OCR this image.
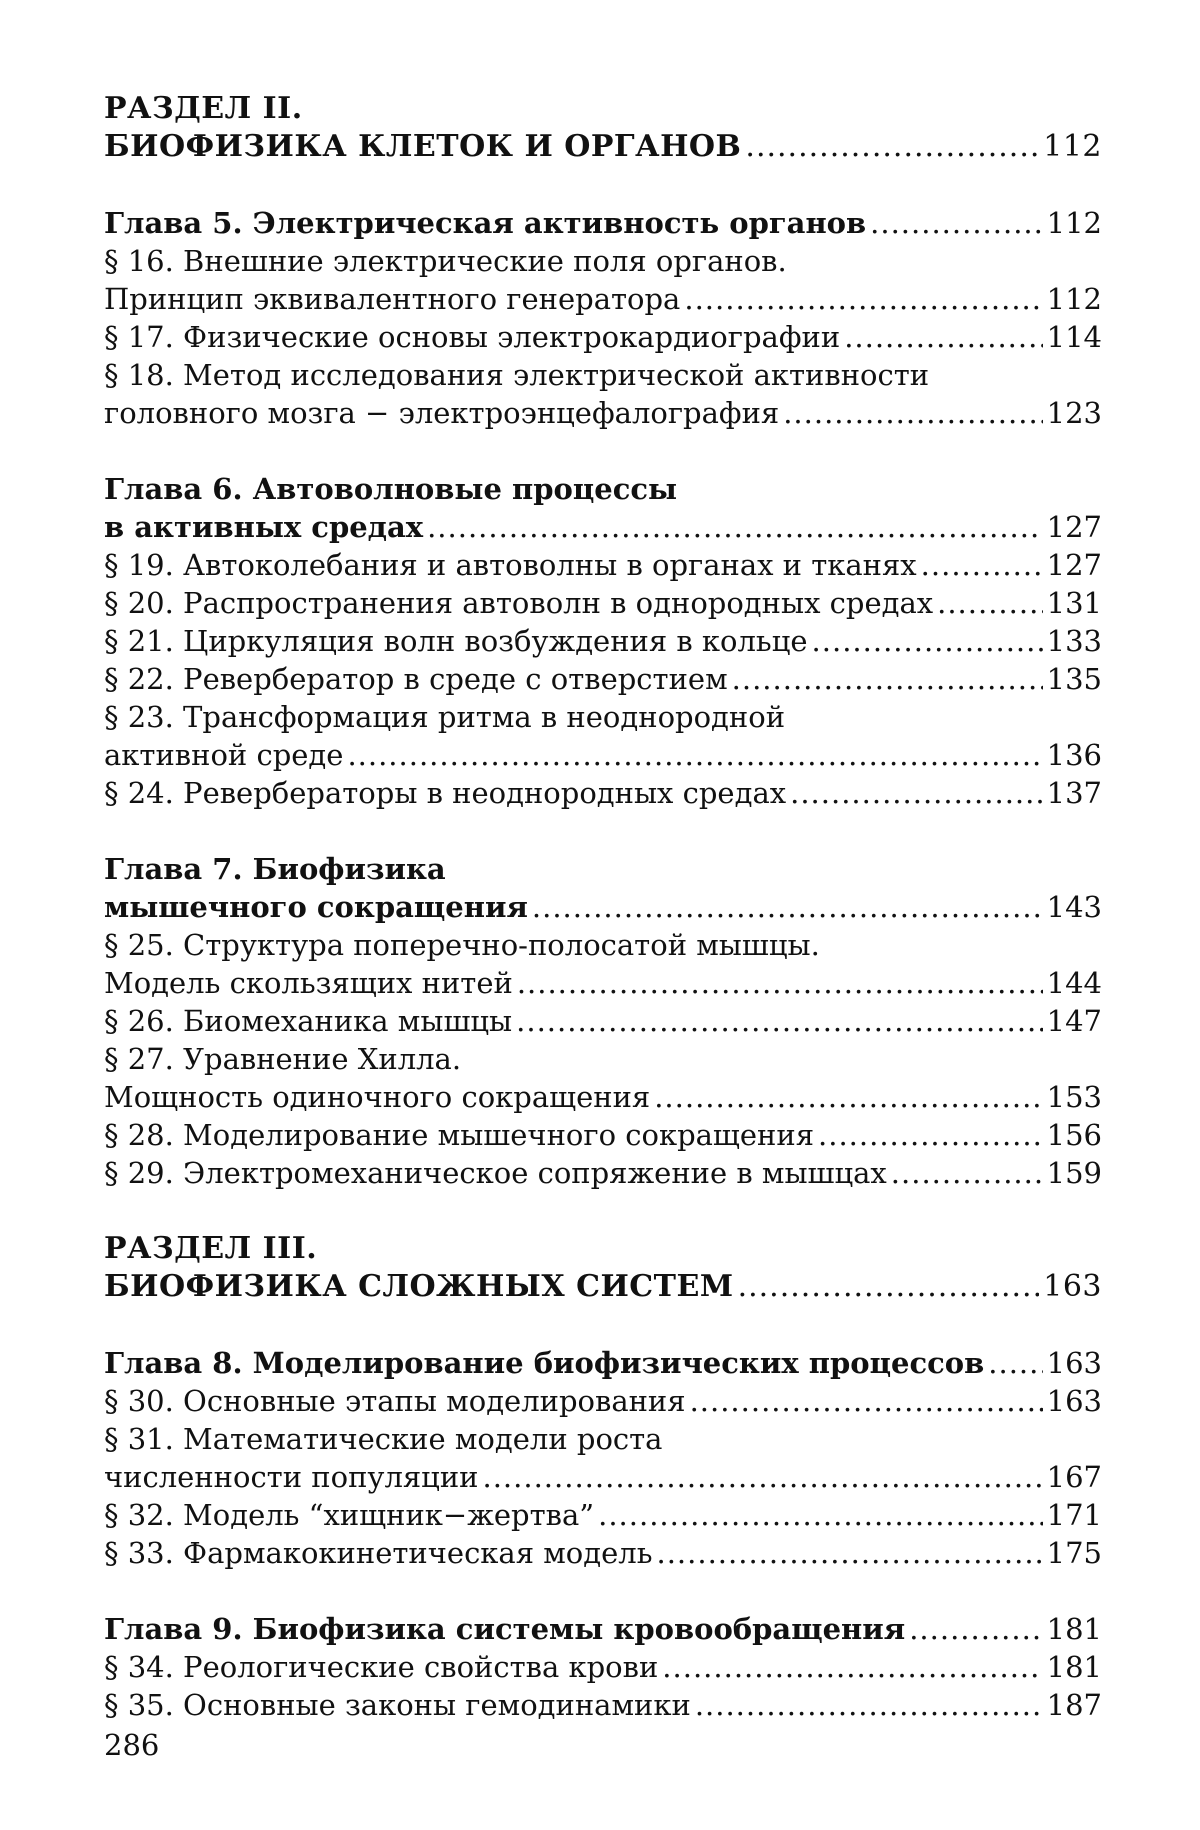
РАЗДЕЛ II.
БИОФИЗИКА КЛЕТОК И ОРГАНОВ .....	112
Глава 5. Электрическая активность органов .....	112
§ 16. Внешние электрические поля органов.
Принцип эквивалентного генератора .....	112
§ 17. Физические основы электрокардиографии .....	114
§ 18. Метод исследования электрической активности
головного мозга − электроэнцефалография .....	123
Глава 6. Автоволновые процессы
в активных средах .....	127
§ 19. Автоколебания и автоволны в органах и тканях .....	127
§ 20. Распространения автоволн в однородных средах .....	131
§ 21. Циркуляция волн возбуждения в кольце .....	133
§ 22. Ревербератор в среде с отверстием .....	135
§ 23. Трансформация ритма в неоднородной
активной среде .....	136
§ 24. Ревербераторы в неоднородных средах .....	137
Глава 7. Биофизика
мышечного сокращения .....	143
§ 25. Структура поперечно-полосатой мышцы.
Модель скользящих нитей .....	144
§ 26. Биомеханика мышцы .....	147
§ 27. Уравнение Хилла.
Мощность одиночного сокращения .....	153
§ 28. Моделирование мышечного сокращения .....	156
§ 29. Электромеханическое сопряжение в мышцах .....	159
РАЗДЕЛ III.
БИОФИЗИКА СЛОЖНЫХ СИСТЕМ .....	163
Глава 8. Моделирование биофизических процессов ..... 163
§ 30. Основные этапы моделирования .....	163
§ 31. Математические модели роста
численности популяции .....	167
§ 32. Модель “хищник−жертва” .....	171
§ 33. Фармакокинетическая модель .....	175
Глава 9. Биофизика системы кровообращения .....	181
§ 34. Реологические свойства крови .....	181
§ 35. Основные законы гемодинамики .....	187
286
